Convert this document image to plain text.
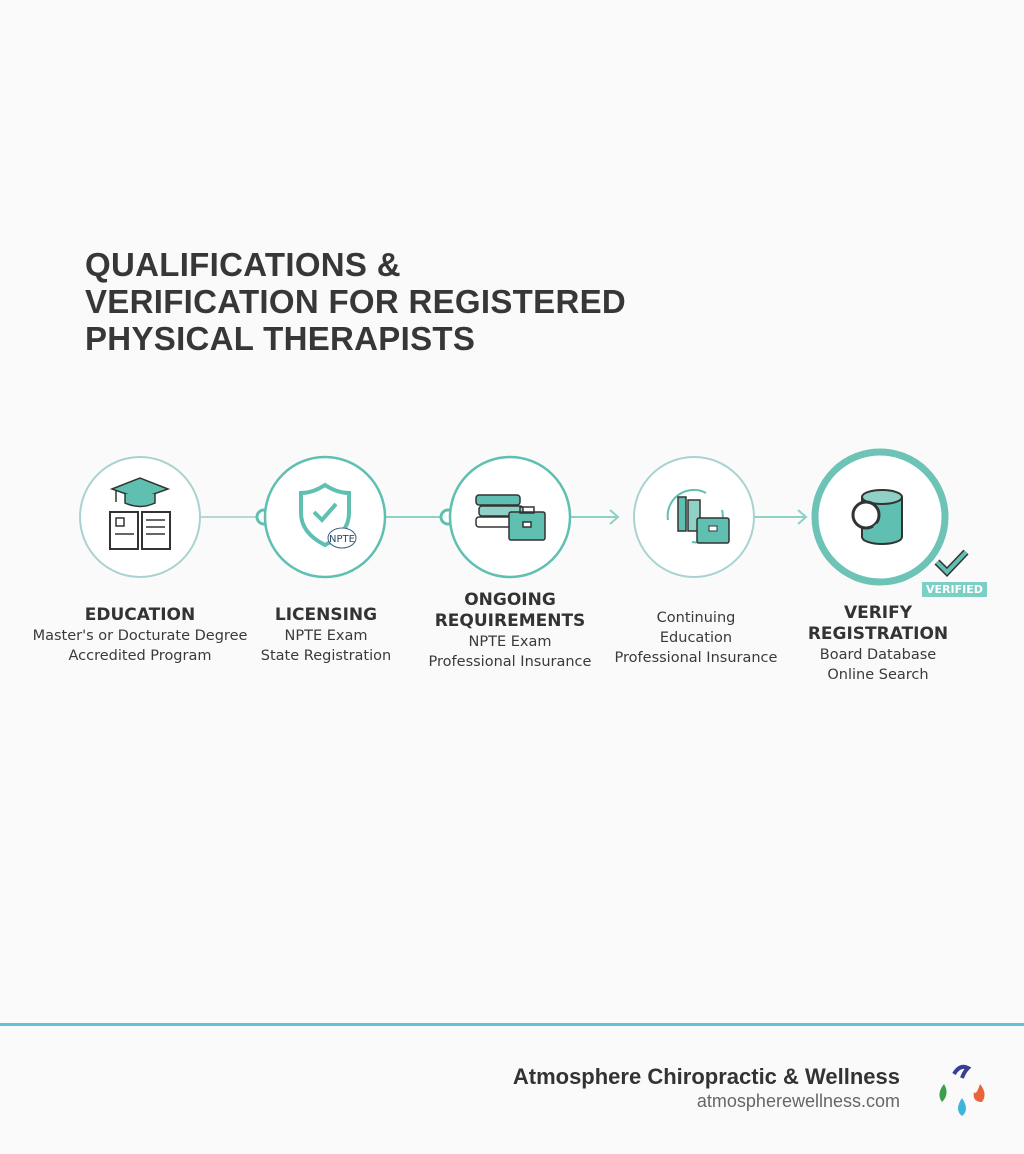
QUALIFICATIONS &
VERIFICATION FOR REGISTERED
PHYSICAL THERAPISTS
NPTE
VERIFIED
EDUCATION
Master's or Docturate Degree
Accredited Program
LICENSING
NPTE Exam
State Registration
ONGOING
REQUIREMENTS
NPTE Exam
Professional Insurance
Continuing
Education
Professional Insurance
VERIFY
REGISTRATION
Board Database
Online Search
Atmosphere Chiropractic & Wellness
atmospherewellness.com
